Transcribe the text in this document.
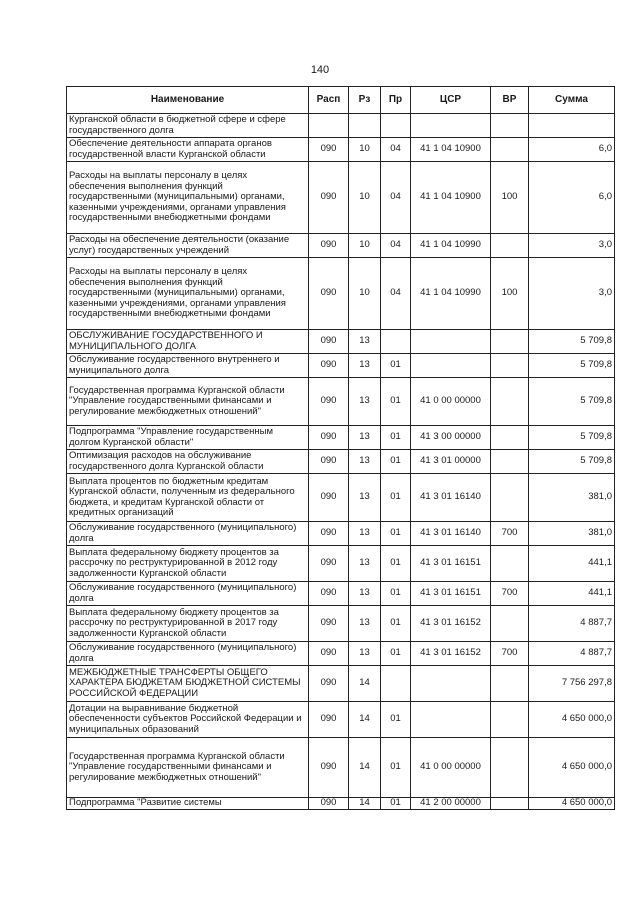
140
Наименование	Расп	Рз	Пр	ЦСР	ВР	Сумма
Курганской области в бюджетной сфере и сфере государственного долга						
Обеспечение деятельности аппарата органов государственной власти Курганской области	090	10	04	41 1 04 10900		6,0
Расходы на выплаты персоналу в целях обеспечения выполнения функций государственными (муниципальными) органами, казенными учреждениями, органами управления государственными внебюджетными фондами	090	10	04	41 1 04 10900	100	6,0
Расходы на обеспечение деятельности (оказание услуг) государственных учреждений	090	10	04	41 1 04 10990		3,0
Расходы на выплаты персоналу в целях обеспечения выполнения функций государственными (муниципальными) органами, казенными учреждениями, органами управления государственными внебюджетными фондами	090	10	04	41 1 04 10990	100	3,0
ОБСЛУЖИВАНИЕ ГОСУДАРСТВЕННОГО И МУНИЦИПАЛЬНОГО ДОЛГА	090	13				5 709,8
Обслуживание государственного внутреннего и муниципального долга	090	13	01			5 709,8
Государственная программа Курганской области "Управление государственными финансами и регулирование межбюджетных отношений"	090	13	01	41 0 00 00000		5 709,8
Подпрограмма "Управление государственным долгом Курганской области"	090	13	01	41 3 00 00000		5 709,8
Оптимизация расходов на обслуживание государственного долга Курганской области	090	13	01	41 3 01 00000		5 709,8
Выплата процентов по бюджетным кредитам Курганской области, полученным из федерального бюджета, и кредитам Курганской области от кредитных организаций	090	13	01	41 3 01 16140		381,0
Обслуживание государственного (муниципального) долга	090	13	01	41 3 01 16140	700	381,0
Выплата федеральному бюджету процентов за рассрочку по реструктурированной в 2012 году задолженности Курганской области	090	13	01	41 3 01 16151		441,1
Обслуживание государственного (муниципального) долга	090	13	01	41 3 01 16151	700	441,1
Выплата федеральному бюджету процентов за рассрочку по реструктурированной в 2017 году задолженности Курганской области	090	13	01	41 3 01 16152		4 887,7
Обслуживание государственного (муниципального) долга	090	13	01	41 3 01 16152	700	4 887,7
МЕЖБЮДЖЕТНЫЕ ТРАНСФЕРТЫ ОБЩЕГО ХАРАКТЕРА БЮДЖЕТАМ БЮДЖЕТНОЙ СИСТЕМЫ РОССИЙСКОЙ ФЕДЕРАЦИИ	090	14				7 756 297,8
Дотации на выравнивание бюджетной обеспеченности субъектов Российской Федерации и муниципальных образований	090	14	01			4 650 000,0
Государственная программа Курганской области "Управление государственными финансами и регулирование межбюджетных отношений"	090	14	01	41 0 00 00000		4 650 000,0
Подпрограмма "Развитие системы	090	14	01	41 2 00 00000		4 650 000,0
